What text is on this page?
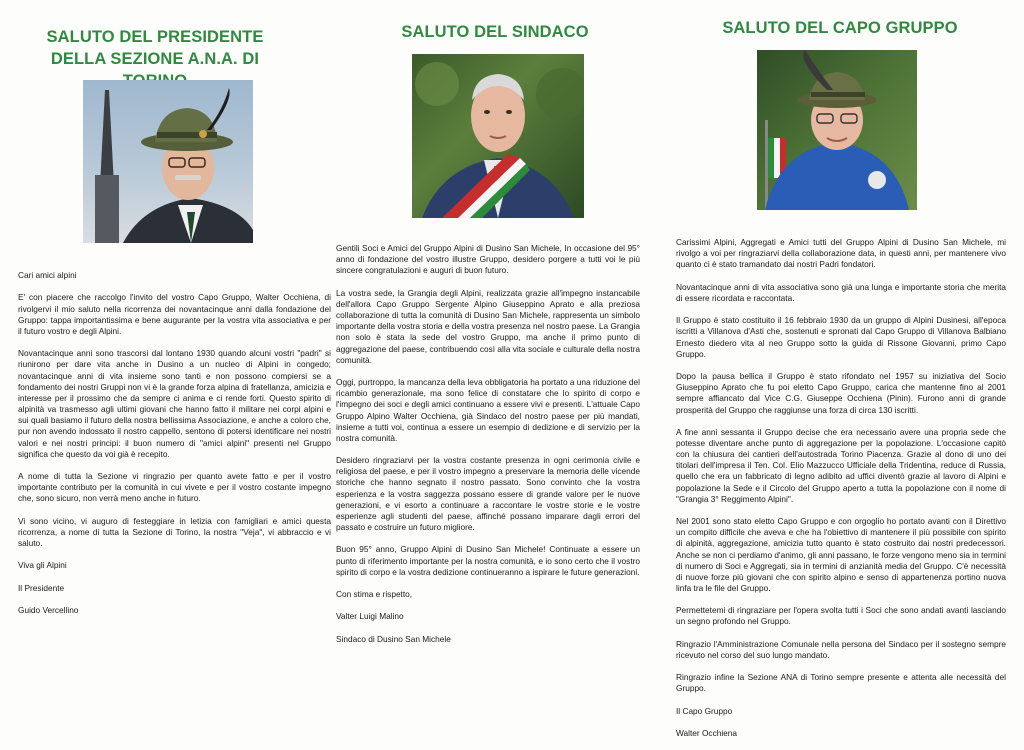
SALUTO DEL PRESIDENTE DELLA SEZIONE A.N.A. DI
SALUTO DEL SINDACO	SALUTO DEL CAPO GRUPPO

Cari amici alpini

E' con piacere che raccolgo l'invito del vostro Capo Gruppo, Walter Occhiena, di rivolgervi il mio saluto nella ricorrenza dei novantacinque anni dalla fondazione del Gruppo: tappa importantissima e bene augurante per la vostra vita associativa e per il futuro vostro e degli Alpini.

Novantacinque anni sono trascorsi dal lontano 1930 quando alcuni vostri "padri" si riunirono per dare vita anche in Dusino a un nucleo di Alpini in congedo; novantacinque anni di vita insieme sono tanti e non possono compiersi se a fondamento dei nostri Gruppi non vi è la grande forza alpina di fratellanza, amicizia e interesse per il prossimo che da sempre ci anima e ci rende forti. Questo spirito di alpinità va trasmesso agli ultimi giovani che hanno fatto il militare nei corpi alpini e sui quali basiamo il futuro della nostra bellissima Associazione, e anche a coloro che, pur non avendo indossato il nostro cappello, sentono di potersi identificare nei nostri valori e nei nostri principi: il buon numero di "amici alpini" presenti nel Gruppo significa che questo da voi già è recepito.

A nome di tutta la Sezione vi ringrazio per quanto avete fatto e per il vostro importante contributo per la comunità in cui vivete e per il vostro costante impegno che, sono sicuro, non verrà meno anche in futuro.

Vi sono vicino, vi auguro di festeggiare in letizia con famigliari e amici questa ricorrenza, a nome di tutta la Sezione di Torino, la nostra "Veja", vi abbraccio e vi saluto.

Viva gli Alpini

Il Presidente

Guido Vercellino

Gentili Soci e Amici del Gruppo Alpini di Dusino San Michele, In occasione del 95° anno di fondazione del vostro illustre Gruppo, desidero porgere a tutti voi le più sincere congratulazioni e auguri di buon futuro.

La vostra sede, la Grangia degli Alpini, realizzata grazie all'impegno instancabile dell'allora Capo Gruppo Sergente Alpino Giuseppino Aprato e alla preziosa collaborazione di tutta la comunità di Dusino San Michele, rappresenta un simbolo importante della vostra storia e della vostra presenza nel nostro paese. La Grangia non solo è stata la sede del vostro Gruppo, ma anche il primo punto di aggregazione del paese, contribuendo così alla vita sociale e culturale della nostra comunità.

Oggi, purtroppo, la mancanza della leva obbligatoria ha portato a una riduzione del ricambio generazionale, ma sono felice di constatare che lo spirito di corpo e l'impegno dei soci e degli amici continuano a essere vivi e presenti. L'attuale Capo Gruppo Alpino Walter Occhiena, già Sindaco del nostro paese per più mandati, insieme a tutti voi, continua a essere un esempio di dedizione e di servizio per la nostra comunità.

Desidero ringraziarvi per la vostra costante presenza in ogni cerimonia civile e religiosa del paese, e per il vostro impegno a preservare la memoria delle vicende storiche che hanno segnato il nostro passato. Sono convinto che la vostra esperienza e la vostra saggezza possano essere di grande valore per le nuove generazioni, e vi esorto a continuare a raccontare le vostre storie e le vostre esperienze agli studenti del paese, affinché possano imparare dagli errori del passato e costruire un futuro migliore.

Buon 95° anno, Gruppo Alpini di Dusino San Michele! Continuate a essere un punto di riferimento importante per la nostra comunità, e io sono certo che il vostro spirito di corpo e la vostra dedizione continueranno a ispirare le future generazioni.

Con stima e rispetto,

Valter Luigi Malino

Sindaco di Dusino San Michele

Carissimi Alpini, Aggregati e Amici tutti del Gruppo Alpini di Dusino San Michele, mi rivolgo a voi per ringraziarvi della collaborazione data, in questi anni, per mantenere vivo quanto ci è stato tramandato dai nostri Padri fondatori.

Novantacinque anni di vita associativa sono già una lunga e importante storia che merita di essere ricordata e raccontata.

Il Gruppo è stato costituito il 16 febbraio 1930 da un gruppo di Alpini Dusinesi, all'epoca iscritti a Villanova d'Asti che, sostenuti e spronati dal Capo Gruppo di Villanova Balbiano Ernesto diedero vita al neo Gruppo sotto la guida di Rissone Giovanni, primo Capo Gruppo.

Dopo la pausa bellica il Gruppo è stato rifondato nel 1957 su iniziativa del Socio Giuseppino Aprato che fu poi eletto Capo Gruppo, carica che mantenne fino al 2001 sempre affiancato dal Vice C.G. Giuseppe Occhiena (Pinin). Furono anni di grande prosperità del Gruppo che raggiunse una forza di circa 130 iscritti.

A fine anni sessanta il Gruppo decise che era necessario avere una propria sede che potesse diventare anche punto di aggregazione per la popolazione. L'occasione capitò con la chiusura dei cantieri dell'autostrada Torino Piacenza. Grazie al dono di uno dei titolari dell'impresa il Ten. Col. Elio Mazzucco Ufficiale della Tridentina, reduce di Russia, quello che era un fabbricato di legno adibito ad uffici diventò grazie al lavoro di Alpini e popolazione la Sede e il Circolo del Gruppo aperto a tutta la popolazione con il nome di "Grangia 3° Reggimento Alpini".

Nel 2001 sono stato eletto Capo Gruppo e con orgoglio ho portato avanti con il Direttivo un compito difficile che aveva e che ha l'obiettivo di mantenere il più possibile con spirito di alpinità, aggregazione, amicizia tutto quanto è stato costruito dai nostri predecessori. Anche se non ci perdiamo d'animo, gli anni passano, le forze vengono meno sia in termini di numero di Soci e Aggregati, sia in termini di anzianità media del Gruppo. C'è necessità di nuove forze più giovani che con spirito alpino e senso di appartenenza portino nuova linfa tra le file del Gruppo.

Permettetemi di ringraziare per l'opera svolta tutti i Soci che sono andati avanti lasciando un segno profondo nel Gruppo.

Ringrazio l'Amministrazione Comunale nella persona del Sindaco per il sostegno sempre ricevuto nel corso del suo lungo mandato.

Ringrazio infine la Sezione ANA di Torino sempre presente e attenta alle necessità del Gruppo.

Il Capo Gruppo

Walter Occhiena
